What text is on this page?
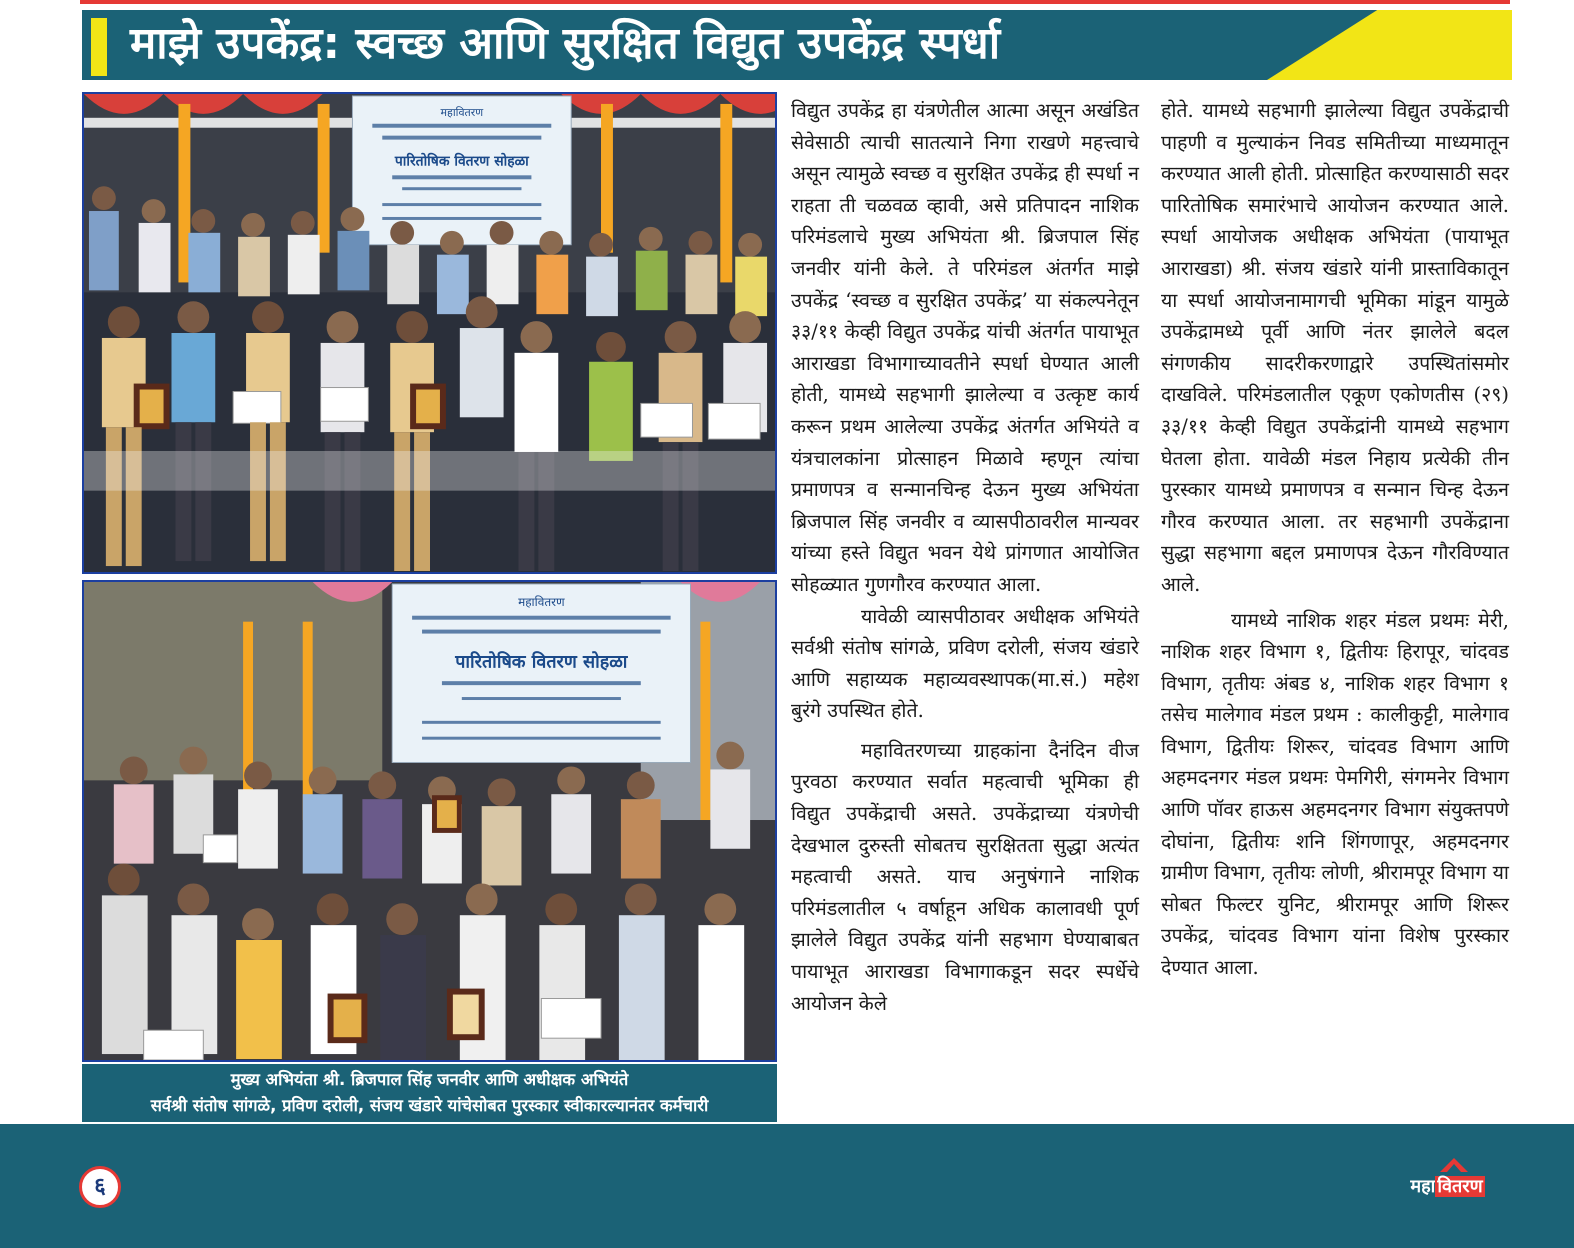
माझे उपकेंद्र: स्वच्छ आणि सुरक्षित विद्युत उपकेंद्र स्पर्धा
महावितरण
पारितोषिक वितरण सोहळा
महावितरण
पारितोषिक वितरण सोहळा
मुख्य अभियंता श्री. ब्रिजपाल सिंह जनवीर आणि अधीक्षक अभियंते
सर्वश्री संतोष सांगळे, प्रविण दरोली, संजय खंडारे यांचेसोबत पुरस्कार स्वीकारल्यानंतर कर्मचारी

विद्युत उपकेंद्र हा यंत्रणेतील आत्मा असून अखंडित सेवेसाठी त्याची सातत्याने निगा राखणे महत्त्वाचे असून त्यामुळे स्वच्छ व सुरक्षित उपकेंद्र ही स्पर्धा न राहता ती चळवळ व्हावी, असे प्रतिपादन नाशिक परिमंडलाचे मुख्य अभियंता श्री. ब्रिजपाल सिंह जनवीर यांनी केले. ते परिमंडल अंतर्गत माझे उपकेंद्र ‘स्वच्छ व सुरक्षित उपकेंद्र’ या संकल्पनेतून ३३/११ केव्ही विद्युत उपकेंद्र यांची अंतर्गत पायाभूत आराखडा विभागाच्यावतीने स्पर्धा घेण्यात आली होती, यामध्ये सहभागी झालेल्या व उत्कृष्ट कार्य करून प्रथम आलेल्या उपकेंद्र अंतर्गत अभियंते व यंत्रचालकांना प्रोत्साहन मिळावे म्हणून त्यांचा प्रमाणपत्र व सन्मानचिन्ह देऊन मुख्य अभियंता ब्रिजपाल सिंह जनवीर व व्यासपीठावरील मान्यवर यांच्या हस्ते विद्युत भवन येथे प्रांगणात आयोजित सोहळ्यात गुणगौरव करण्यात आला.

यावेळी व्यासपीठावर अधीक्षक अभियंते सर्वश्री संतोष सांगळे, प्रविण दरोली, संजय खंडारे आणि सहाय्यक महाव्यवस्थापक(मा.सं.) महेश बुरंगे उपस्थित होते.

महावितरणच्या ग्राहकांना दैनंदिन वीज पुरवठा करण्यात सर्वात महत्वाची भूमिका ही विद्युत उपकेंद्राची असते. उपकेंद्राच्या यंत्रणेची देखभाल दुरुस्ती सोबतच सुरक्षितता सुद्धा अत्यंत महत्वाची असते. याच अनुषंगाने नाशिक परिमंडलातील ५ वर्षाहून अधिक कालावधी पूर्ण झालेले विद्युत उपकेंद्र यांनी सहभाग घेण्याबाबत पायाभूत आराखडा विभागाकडून सदर स्पर्धेचे आयोजन केले

होते. यामध्ये सहभागी झालेल्या विद्युत उपकेंद्राची पाहणी व मुल्याकंन निवड समितीच्या माध्यमातून करण्यात आली होती. प्रोत्साहित करण्यासाठी सदर पारितोषिक समारंभाचे आयोजन करण्यात आले. स्पर्धा आयोजक अधीक्षक अभियंता (पायाभूत आराखडा) श्री. संजय खंडारे यांनी प्रास्ताविकातून या स्पर्धा आयोजनामागची भूमिका मांडून यामुळे उपकेंद्रामध्ये पूर्वी आणि नंतर झालेले बदल संगणकीय सादरीकरणाद्वारे उपस्थितांसमोर दाखविले. परिमंडलातील एकूण एकोणतीस (२९) ३३/११ केव्ही विद्युत उपकेंद्रांनी यामध्ये सहभाग घेतला होता. यावेळी मंडल निहाय प्रत्येकी तीन पुरस्कार यामध्ये प्रमाणपत्र व सन्मान चिन्ह देऊन गौरव करण्यात आला. तर सहभागी उपकेंद्राना सुद्धा सहभागा बद्दल प्रमाणपत्र देऊन गौरविण्यात आले.

यामध्ये नाशिक शहर मंडल प्रथमः मेरी, नाशिक शहर विभाग १, द्वितीयः हिरापूर, चांदवड विभाग, तृतीयः अंबड ४, नाशिक शहर विभाग १ तसेच मालेगाव मंडल प्रथम : कालीकुट्टी, मालेगाव विभाग, द्वितीयः शिरूर, चांदवड विभाग आणि अहमदनगर मंडल प्रथमः पेमगिरी, संगमनेर विभाग आणि पॉवर हाऊस अहमदनगर विभाग संयुक्तपणे दोघांना, द्वितीयः शनि शिंगणापूर, अहमदनगर ग्रामीण विभाग, तृतीयः लोणी, श्रीरामपूर विभाग या सोबत फिल्टर युनिट, श्रीरामपूर आणि शिरूर उपकेंद्र, चांदवड विभाग यांना विशेष पुरस्कार देण्यात आला.

६	महा वितरण
